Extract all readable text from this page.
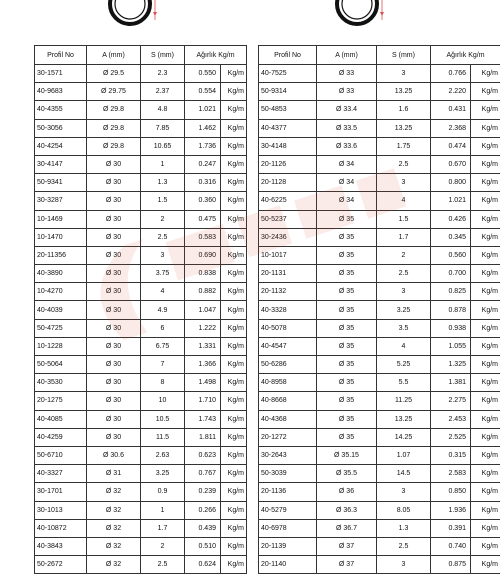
Profil No	A (mm)	S (mm)	Ağırlık Kg/m	
30-1571	Ø 29.5	2.3	0.550	Kg/m
40-9683	Ø 29.75	2.37	0.554	Kg/m
40-4355	Ø 29.8	4.8	1.021	Kg/m
50-3056	Ø 29.8	7.85	1.462	Kg/m
40-4254	Ø 29.8	10.65	1.736	Kg/m
30-4147	Ø 30	1	0.247	Kg/m
50-9341	Ø 30	1.3	0.316	Kg/m
30-3287	Ø 30	1.5	0.360	Kg/m
10-1469	Ø 30	2	0.475	Kg/m
10-1470	Ø 30	2.5	0.583	Kg/m
20-11356	Ø 30	3	0.690	Kg/m
40-3890	Ø 30	3.75	0.838	Kg/m
10-4270	Ø 30	4	0.882	Kg/m
40-4039	Ø 30	4.9	1.047	Kg/m
50-4725	Ø 30	6	1.222	Kg/m
10-1228	Ø 30	6.75	1.331	Kg/m
50-5064	Ø 30	7	1.366	Kg/m
40-3530	Ø 30	8	1.498	Kg/m
20-1275	Ø 30	10	1.710	Kg/m
40-4085	Ø 30	10.5	1.743	Kg/m
40-4259	Ø 30	11.5	1.811	Kg/m
50-6710	Ø 30.6	2.63	0.623	Kg/m
40-3327	Ø 31	3.25	0.767	Kg/m
30-1701	Ø 32	0.9	0.239	Kg/m
30-1013	Ø 32	1	0.266	Kg/m
40-10872	Ø 32	1.7	0.439	Kg/m
40-3843	Ø 32	2	0.510	Kg/m
50-2672	Ø 32	2.5	0.624	Kg/m
Profil No	A (mm)	S (mm)	Ağırlık Kg/m	
40-7525	Ø 33	3	0.766	Kg/m
50-9314	Ø 33	13.25	2.220	Kg/m
50-4853	Ø 33.4	1.6	0.431	Kg/m
40-4377	Ø 33.5	13.25	2.368	Kg/m
30-4148	Ø 33.6	1.75	0.474	Kg/m
20-1126	Ø 34	2.5	0.670	Kg/m
20-1128	Ø 34	3	0.800	Kg/m
40-6225	Ø 34	4	1.021	Kg/m
50-5237	Ø 35	1.5	0.426	Kg/m
30-2436	Ø 35	1.7	0.345	Kg/m
10-1017	Ø 35	2	0.560	Kg/m
20-1131	Ø 35	2.5	0.700	Kg/m
20-1132	Ø 35	3	0.825	Kg/m
40-3328	Ø 35	3.25	0.878	Kg/m
40-5078	Ø 35	3.5	0.938	Kg/m
40-4547	Ø 35	4	1.055	Kg/m
50-6286	Ø 35	5.25	1.325	Kg/m
40-8958	Ø 35	5.5	1.381	Kg/m
40-8668	Ø 35	11.25	2.275	Kg/m
40-4368	Ø 35	13.25	2.453	Kg/m
20-1272	Ø 35	14.25	2.525	Kg/m
30-2643	Ø 35.15	1.07	0.315	Kg/m
50-3039	Ø 35.5	14.5	2.583	Kg/m
20-1136	Ø 36	3	0.850	Kg/m
40-5279	Ø 36.3	8.05	1.936	Kg/m
40-6978	Ø 36.7	1.3	0.391	Kg/m
20-1139	Ø 37	2.5	0.740	Kg/m
20-1140	Ø 37	3	0.875	Kg/m
